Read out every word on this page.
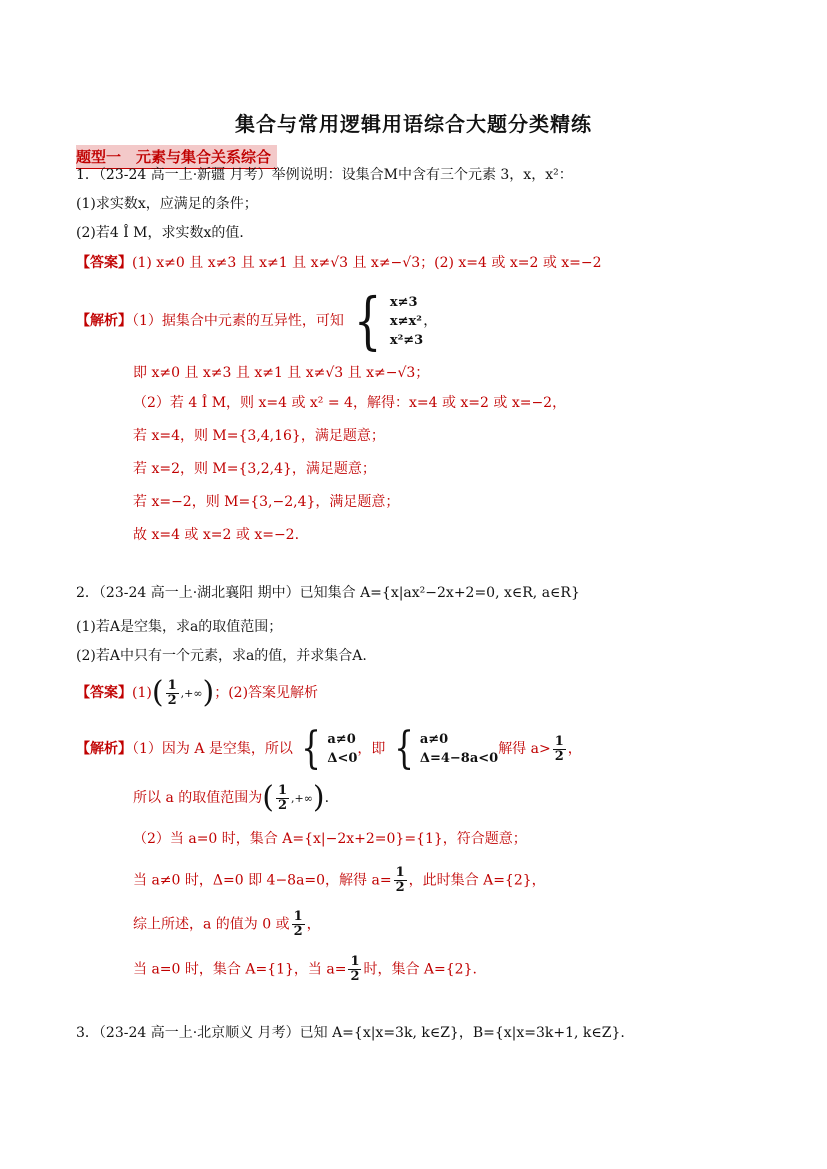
集合与常用逻辑用语综合大题分类精练
题型一　元素与集合关系综合
1．（23-24 高一上·新疆 月考）举例说明：设集合M中含有三个元素 3，x，x²：
(1)求实数x，应满足的条件；
(2)若4 Î M，求实数x的值．
【答案】(1) x≠0 且 x≠3 且 x≠1 且 x≠√3 且 x≠−√3；(2) x=4 或 x=2 或 x=−2
【解析】（1）据集合中元素的互异性，可知 { x≠3
x≠x²
x²≠3
，
即 x≠0 且 x≠3 且 x≠1 且 x≠√3 且 x≠−√3；
（2）若 4 Î M，则 x=4 或 x² = 4，解得：x=4 或 x=2 或 x=−2，
若 x=4，则 M={3,4,16}，满足题意；
若 x=2，则 M={3,2,4}，满足题意；
若 x=−2，则 M={3,−2,4}，满足题意；
故 x=4 或 x=2 或 x=−2.
2．（23-24 高一上·湖北襄阳 期中）已知集合 A={x|ax²−2x+2=0, x∈R, a∈R}
(1)若A是空集，求a的取值范围；
(2)若A中只有一个元素，求a的值，并求集合A.
【答案】$(1)( \frac{1}{2}$ ,+∞)；(2)答案见解析
【解析】（1）因为 A 是空集，所以 { a≠0
Δ<0
，即 { a≠0
Δ=4−8a<0
解得 $a> \frac{1}{2}$ ，
所以 a 的取值范围为( $\frac{1}{2}$ ,+∞).
（2）当 a=0 时，集合 A={x|−2x+2=0}={1}，符合题意；
当 a≠0 时，Δ=0 即 4−8a=0，解得 $a= \frac{1}{2}$ ，此时集合 A={2}，
综上所述，a 的值为 0 或 $\frac{1}{2}$ ，
当 a=0 时，集合 A={1}，当 $a= \frac{1}{2}$ 时，集合 A={2}.
3．（23-24 高一上·北京顺义 月考）已知 A={x|x=3k, k∈Z}，B={x|x=3k+1, k∈Z}.
